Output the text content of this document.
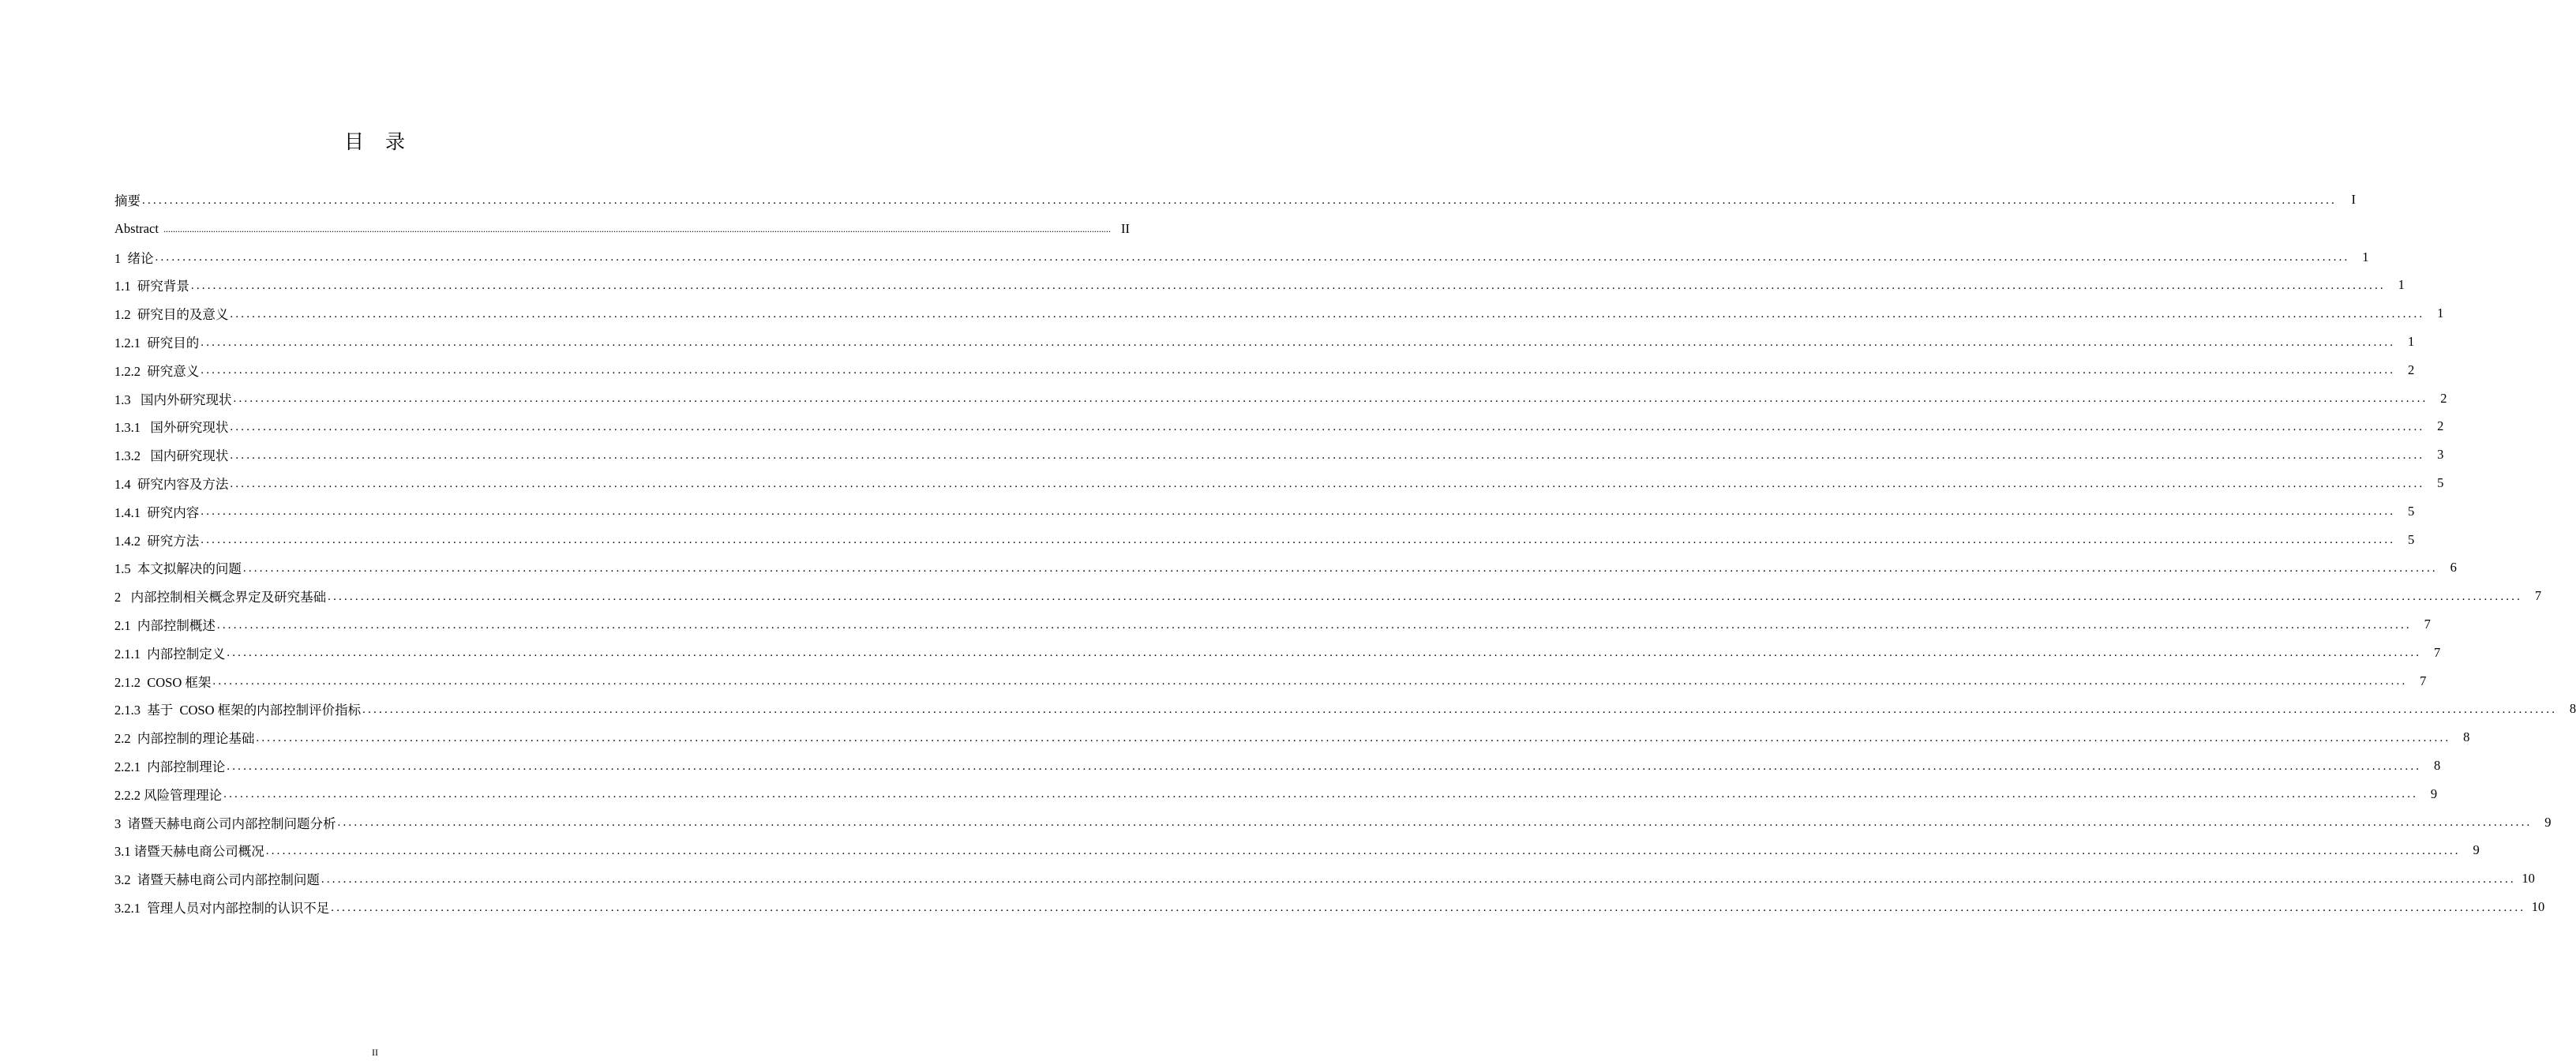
目　录
摘要 ................................................................................................................................................................................................................................................................................................................................................................................................................	I
Abstract ................................................................................................................................................................................................................................................................................................................................................................................................................ II
1  绪论 ................................................................................................................................................................................................................................................................................................................................................................................................................ 1
1.1  研究背景 ................................................................................................................................................................................................................................................................................................................................................................................................................ 1
1.2  研究目的及意义 ................................................................................................................................................................................................................................................................................................................................................................................................................ 1
1.2.1  研究目的 ................................................................................................................................................................................................................................................................................................................................................................................................................ 1
1.2.2  研究意义 ................................................................................................................................................................................................................................................................................................................................................................................................................ 2
1.3   国内外研究现状 ................................................................................................................................................................................................................................................................................................................................................................................................................ 2
1.3.1   国外研究现状 ................................................................................................................................................................................................................................................................................................................................................................................................................ 2
1.3.2   国内研究现状 ................................................................................................................................................................................................................................................................................................................................................................................................................ 3
1.4  研究内容及方法 ................................................................................................................................................................................................................................................................................................................................................................................................................ 5
1.4.1  研究内容 ................................................................................................................................................................................................................................................................................................................................................................................................................ 5
1.4.2  研究方法 ................................................................................................................................................................................................................................................................................................................................................................................................................ 5
1.5  本文拟解决的问题 ................................................................................................................................................................................................................................................................................................................................................................................................................ 6
2   内部控制相关概念界定及研究基础 ................................................................................................................................................................................................................................................................................................................................................................................................................ 7
2.1  内部控制概述 ................................................................................................................................................................................................................................................................................................................................................................................................................ 7
2.1.1  内部控制定义 ................................................................................................................................................................................................................................................................................................................................................................................................................ 7
2.1.2  COSO 框架 ................................................................................................................................................................................................................................................................................................................................................................................................................ 7
2.1.3  基于  COSO 框架的内部控制评价指标 ................................................................................................................................................................................................................................................................................................................................................................................................................ 8
2.2  内部控制的理论基础 ................................................................................................................................................................................................................................................................................................................................................................................................................ 8
2.2.1  内部控制理论 ................................................................................................................................................................................................................................................................................................................................................................................................................ 8
2.2.2 风险管理理论 ................................................................................................................................................................................................................................................................................................................................................................................................................ 9
3  诸暨天赫电商公司内部控制问题分析 ................................................................................................................................................................................................................................................................................................................................................................................................................ 9
3.1 诸暨天赫电商公司概况 ................................................................................................................................................................................................................................................................................................................................................................................................................ 9
3.2  诸暨天赫电商公司内部控制问题 ................................................................................................................................................................................................................................................................................................................................................................................................................ 10
3.2.1  管理人员对内部控制的认识不足 ................................................................................................................................................................................................................................................................................................................................................................................................................ 10
II
